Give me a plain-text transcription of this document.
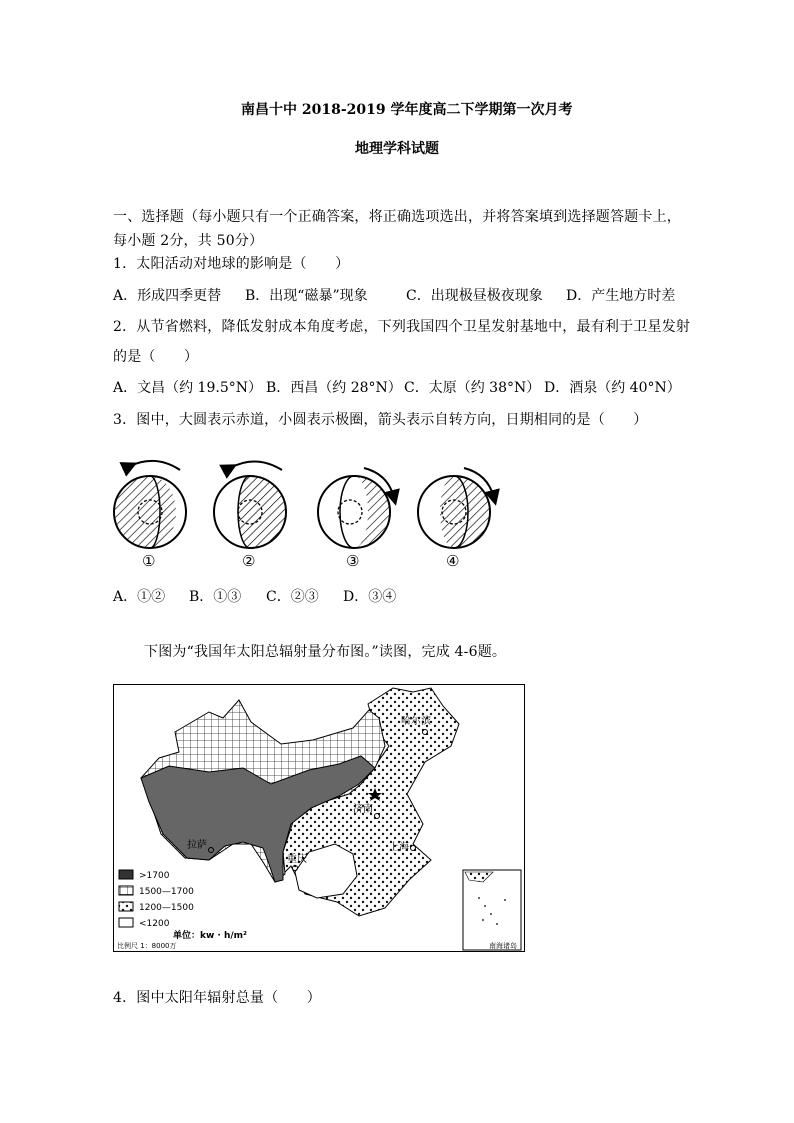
南昌十中 2018-2019 学年度高二下学期第一次月考
地理学科试题
一、选择题（每小题只有一个正确答案，将正确选项选出，并将答案填到选择题答题卡上，
每小题 2分，共 50分）
1．太阳活动对地球的影响是（　　）
A．形成四季更替 B．出现“磁暴”现象	C．出现极昼极夜现象 D．产生地方时差
2．从节省燃料，降低发射成本角度考虑，下列我国四个卫星发射基地中，最有利于卫星发射
的是（　　）
A．文昌（约 19.5°N） B．西昌（约 28°N） C．太原（约 38°N） D．酒泉（约 40°N）
3．图中，大圆表示赤道，小圆表示极圈，箭头表示自转方向，日期相同的是（　　）
①	②	③	④
A．①② B．①③ C．②③ D．③④
下图为“我国年太阳总辐射量分布图。”读图，完成 4-6题。
哈尔滨
济南
拉萨
重庆
上海
>1700
1500—1700
1200—1500
<1200
单位：kw · h/m²
比例尺 1：8000万	南海诸岛
4．图中太阳年辐射总量（　　）
